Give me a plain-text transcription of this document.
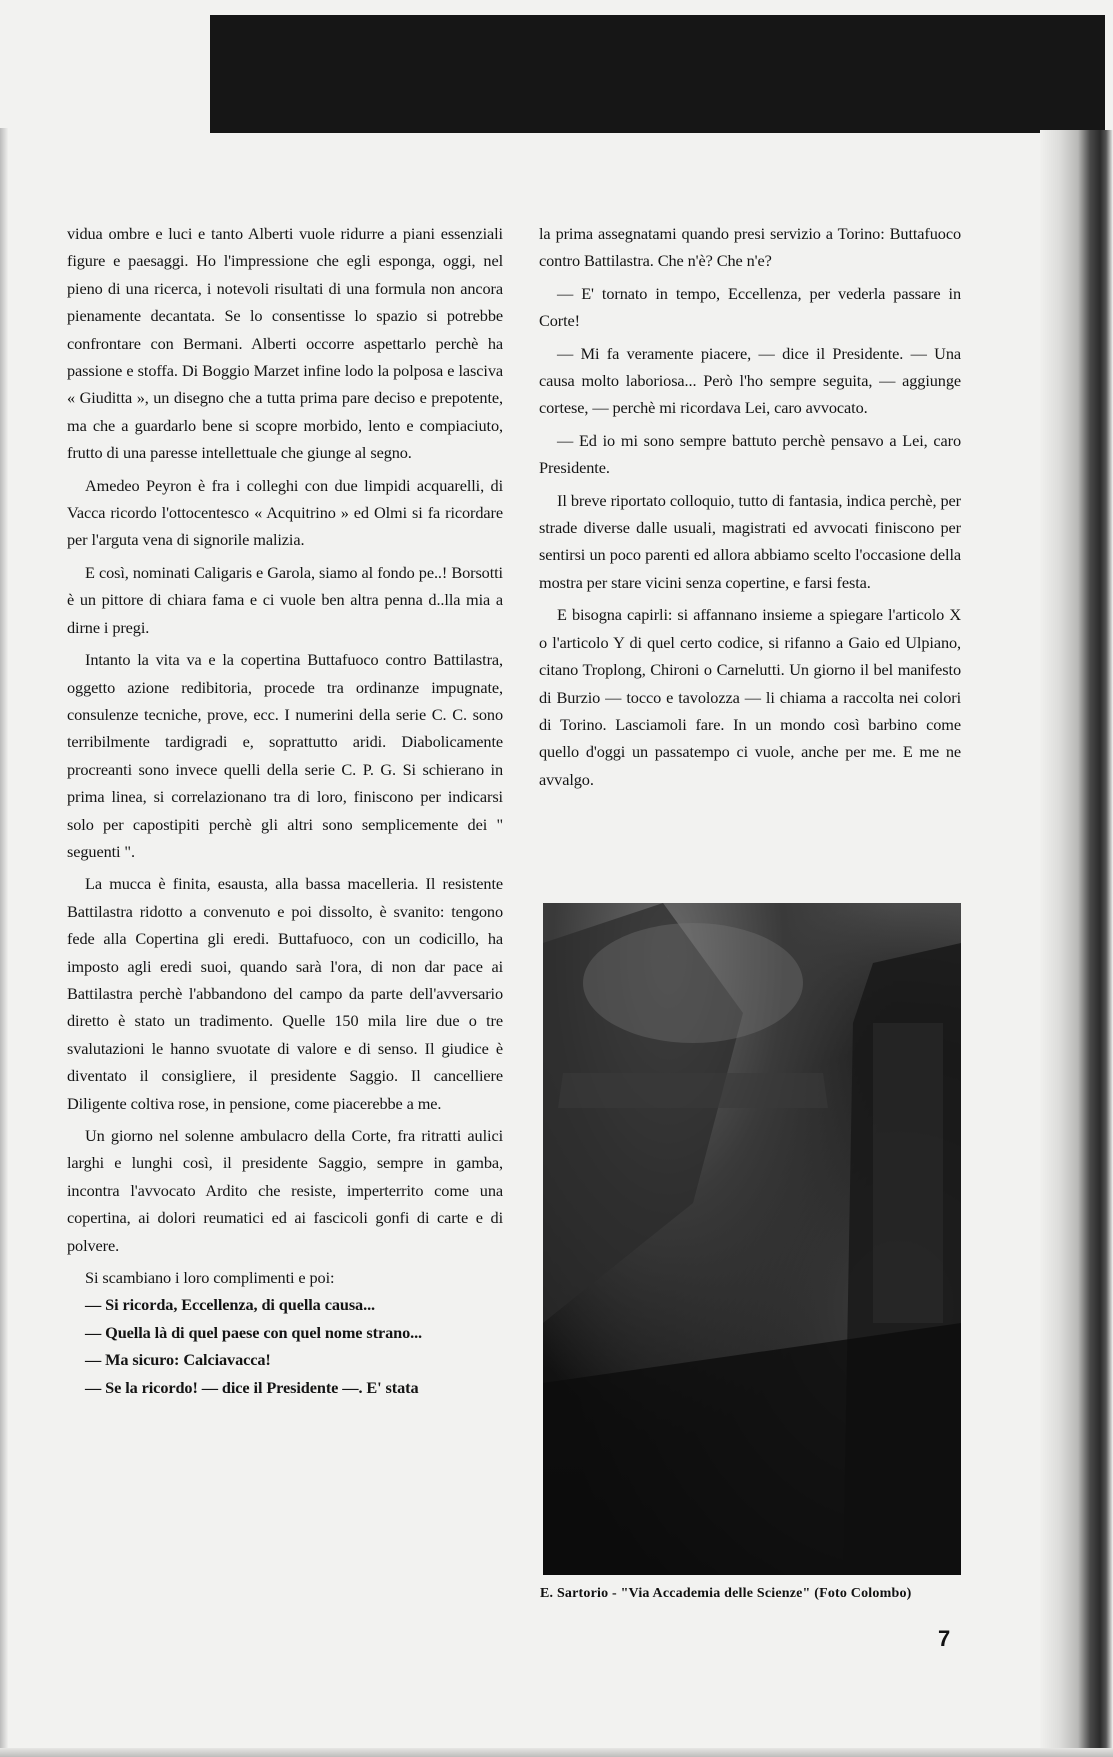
vidua ombre e luci e tanto Alberti vuole ridurre a piani essenziali figure e paesaggi. Ho l'impressione che egli esponga, oggi, nel pieno di una ricerca, i notevoli risultati di una formula non ancora pienamente decantata. Se lo consentisse lo spazio si potrebbe confrontare con Bermani. Alberti occorre aspettarlo perchè ha passione e stoffa. Di Boggio Marzet infine lodo la polposa e lasciva « Giuditta », un disegno che a tutta prima pare deciso e prepotente, ma che a guardarlo bene si scopre morbido, lento e compiaciuto, frutto di una paresse intellettuale che giunge al segno.

Amedeo Peyron è fra i colleghi con due limpidi acquarelli, di Vacca ricordo l'ottocentesco « Acquitrino » ed Olmi si fa ricordare per l'arguta vena di signorile malizia.

E così, nominati Caligaris e Garola, siamo al fondo pe..! Borsotti è un pittore di chiara fama e ci vuole ben altra penna d..lla mia a dirne i pregi.

Intanto la vita va e la copertina Buttafuoco contro Battilastra, oggetto azione redibitoria, procede tra ordinanze impugnate, consulenze tecniche, prove, ecc. I numerini della serie C. C. sono terribilmente tardigradi e, soprattutto aridi. Diabolicamente procreanti sono invece quelli della serie C. P. G. Si schierano in prima linea, si correlazionano tra di loro, finiscono per indicarsi solo per capostipiti perchè gli altri sono semplicemente dei " seguenti ".

La mucca è finita, esausta, alla bassa macelleria. Il resistente Battilastra ridotto a convenuto e poi dissolto, è svanito: tengono fede alla Copertina gli eredi. Buttafuoco, con un codicillo, ha imposto agli eredi suoi, quando sarà l'ora, di non dar pace ai Battilastra perchè l'abbandono del campo da parte dell'avversario diretto è stato un tradimento. Quelle 150 mila lire due o tre svalutazioni le hanno svuotate di valore e di senso. Il giudice è diventato il consigliere, il presidente Saggio. Il cancelliere Diligente coltiva rose, in pensione, come piacerebbe a me.

Un giorno nel solenne ambulacro della Corte, fra ritratti aulici larghi e lunghi così, il presidente Saggio, sempre in gamba, incontra l'avvocato Ardito che resiste, imperterrito come una copertina, ai dolori reumatici ed ai fascicoli gonfi di carte e di polvere.

Si scambiano i loro complimenti e poi:

— Si ricorda, Eccellenza, di quella causa...

— Quella là di quel paese con quel nome strano...

— Ma sicuro: Calciavacca!

— Se la ricordo! — dice il Presidente —. E' stata

la prima assegnatami quando presi servizio a Torino: Buttafuoco contro Battilastra. Che n'è? Che n'e?

— E' tornato in tempo, Eccellenza, per vederla passare in Corte!

— Mi fa veramente piacere, — dice il Presidente. — Una causa molto laboriosa... Però l'ho sempre seguita, — aggiunge cortese, — perchè mi ricordava Lei, caro avvocato.

— Ed io mi sono sempre battuto perchè pensavo a Lei, caro Presidente.

Il breve riportato colloquio, tutto di fantasia, indica perchè, per strade diverse dalle usuali, magistrati ed avvocati finiscono per sentirsi un poco parenti ed allora abbiamo scelto l'occasione della mostra per stare vicini senza copertine, e farsi festa.

E bisogna capirli: si affannano insieme a spiegare l'articolo X o l'articolo Y di quel certo codice, si rifanno a Gaio ed Ulpiano, citano Troplong, Chironi o Carnelutti. Un giorno il bel manifesto di Burzio — tocco e tavolozza — li chiama a raccolta nei colori di Torino. Lasciamoli fare. In un mondo così barbino come quello d'oggi un passatempo ci vuole, anche per me. E me ne avvalgo.

E. Sartorio - "Via Accademia delle Scienze" (Foto Colombo)
7
